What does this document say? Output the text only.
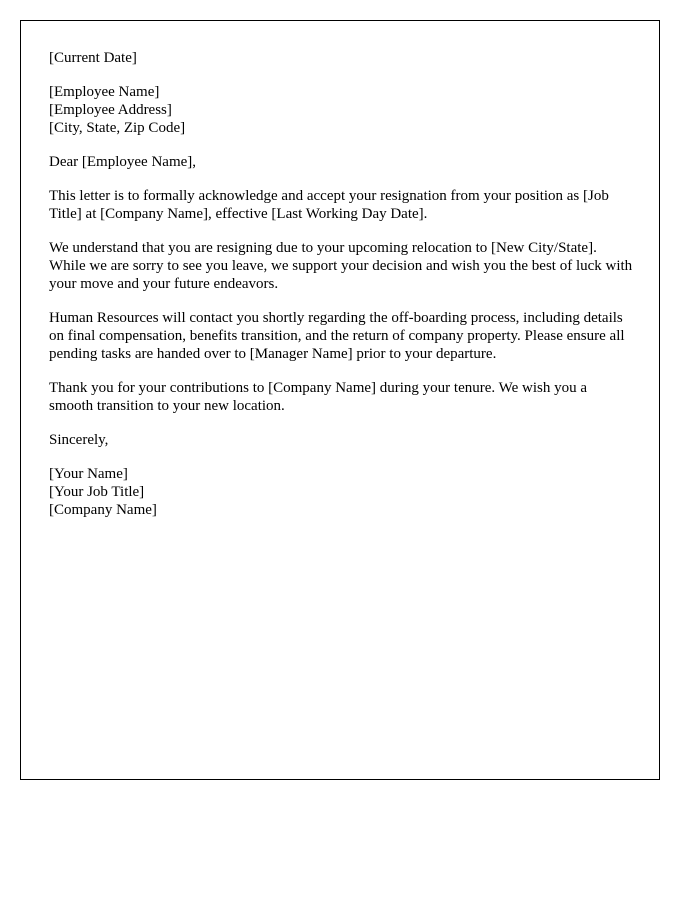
[Current Date]
[Employee Name]
[Employee Address]
[City, State, Zip Code]
Dear [Employee Name],

This letter is to formally acknowledge and accept your resignation from your position as [Job Title] at [Company Name], effective [Last Working Day Date].

We understand that you are resigning due to your upcoming relocation to [New City/State]. While we are sorry to see you leave, we support your decision and wish you the best of luck with your move and your future endeavors.

Human Resources will contact you shortly regarding the off-boarding process, including details on final compensation, benefits transition, and the return of company property. Please ensure all pending tasks are handed over to [Manager Name] prior to your departure.

Thank you for your contributions to [Company Name] during your tenure. We wish you a smooth transition to your new location.

Sincerely,
[Your Name]
[Your Job Title]
[Company Name]
